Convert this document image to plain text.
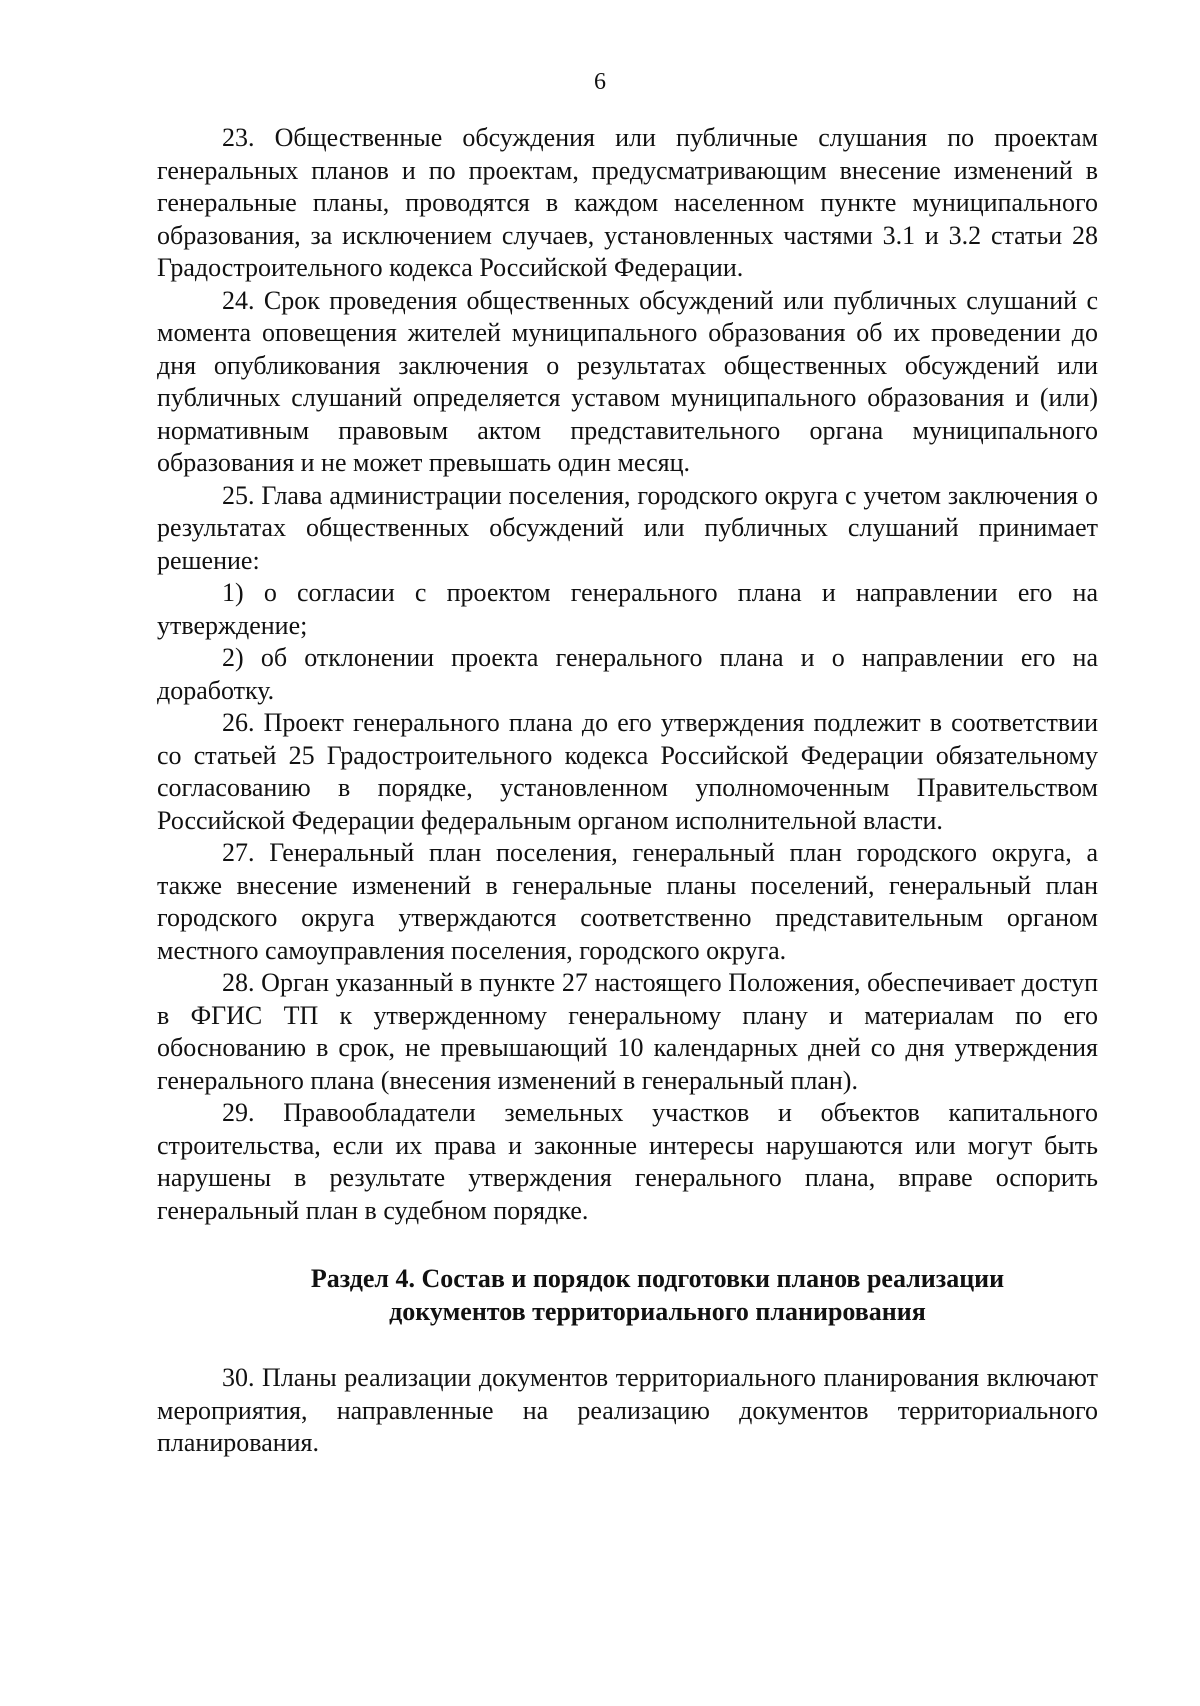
6

23. Общественные обсуждения или публичные слушания по проектам генеральных планов и по проектам, предусматривающим внесение изменений в генеральные планы, проводятся в каждом населенном пункте муниципального образования, за исключением случаев, установленных частями 3.1 и 3.2 статьи 28 Градостроительного кодекса Российской Федерации.

24. Срок проведения общественных обсуждений или публичных слушаний с момента оповещения жителей муниципального образования об их проведении до дня опубликования заключения о результатах общественных обсуждений или публичных слушаний определяется уставом муниципального образования и (или) нормативным правовым актом представительного органа муниципального образования и не может превышать один месяц.

25. Глава администрации поселения, городского округа с учетом заключения о результатах общественных обсуждений или публичных слушаний принимает решение:

1) о согласии с проектом генерального плана и направлении его на утверждение;

2) об отклонении проекта генерального плана и о направлении его на доработку.

26. Проект генерального плана до его утверждения подлежит в соответствии со статьей 25 Градостроительного кодекса Российской Федерации обязательному согласованию в порядке, установленном уполномоченным Правительством Российской Федерации федеральным органом исполнительной власти.

27. Генеральный план поселения, генеральный план городского округа, а также внесение изменений в генеральные планы поселений, генеральный план городского округа утверждаются соответственно представительным органом местного самоуправления поселения, городского округа.

28. Орган указанный в пункте 27 настоящего Положения, обеспечивает доступ в ФГИС ТП к утвержденному генеральному плану и материалам по его обоснованию в срок, не превышающий 10 календарных дней со дня утверждения генерального плана (внесения изменений в генеральный план).

29. Правообладатели земельных участков и объектов капитального строительства, если их права и законные интересы нарушаются или могут быть нарушены в результате утверждения генерального плана, вправе оспорить генеральный план в судебном порядке.

Раздел 4. Состав и порядок подготовки планов реализации
документов территориального планирования

30. Планы реализации документов территориального планирования включают мероприятия, направленные на реализацию документов территориального планирования.
